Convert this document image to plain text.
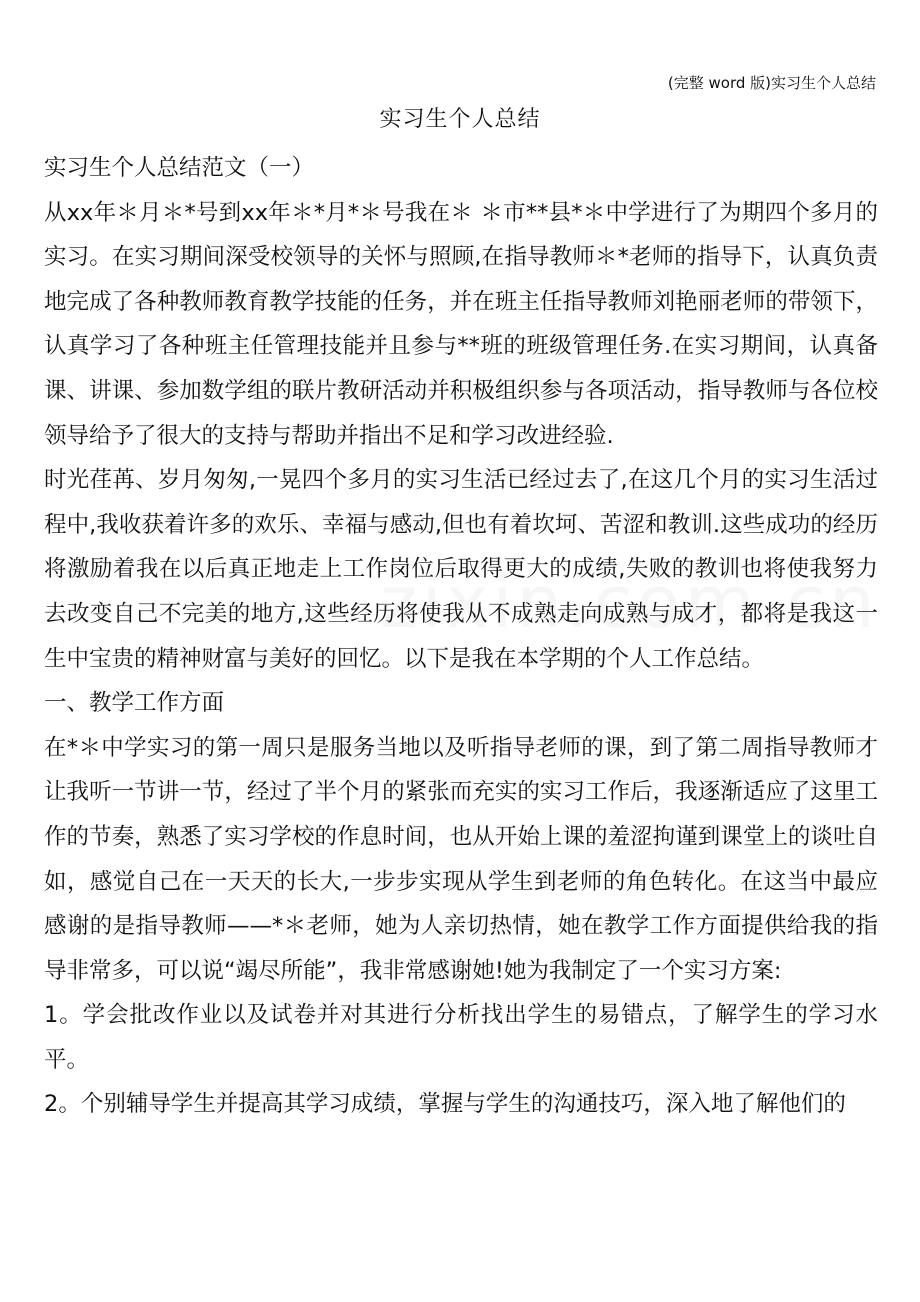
(完整 word 版)实习生个人总结
实习生个人总结

实习生个人总结范文（一）

从xx年＊月＊*号到xx年＊*月*＊号我在＊ ＊市**县*＊中学进行了为期四个多月的实习。在实习期间深受校领导的关怀与照顾,在指导教师＊*老师的指导下，认真负责地完成了各种教师教育教学技能的任务，并在班主任指导教师刘艳丽老师的带领下，认真学习了各种班主任管理技能并且参与**班的班级管理任务.在实习期间，认真备课、讲课、参加数学组的联片教研活动并积极组织参与各项活动，指导教师与各位校领导给予了很大的支持与帮助并指出不足和学习改进经验.

时光荏苒、岁月匆匆,一晃四个多月的实习生活已经过去了,在这几个月的实习生活过程中,我收获着许多的欢乐、幸福与感动,但也有着坎坷、苦涩和教训.这些成功的经历将激励着我在以后真正地走上工作岗位后取得更大的成绩,失败的教训也将使我努力去改变自己不完美的地方,这些经历将使我从不成熟走向成熟与成才，都将是我这一生中宝贵的精神财富与美好的回忆。以下是我在本学期的个人工作总结。

一、教学工作方面

在*＊中学实习的第一周只是服务当地以及听指导老师的课，到了第二周指导教师才让我听一节讲一节，经过了半个月的紧张而充实的实习工作后，我逐渐适应了这里工作的节奏，熟悉了实习学校的作息时间，也从开始上课的羞涩拘谨到课堂上的谈吐自如，感觉自己在一天天的长大,一步步实现从学生到老师的角色转化。在这当中最应感谢的是指导教师——*＊老师，她为人亲切热情，她在教学工作方面提供给我的指导非常多，可以说“竭尽所能”，我非常感谢她!她为我制定了一个实习方案:

1。学会批改作业以及试卷并对其进行分析找出学生的易错点，了解学生的学习水平。

2。个别辅导学生并提高其学习成绩，掌握与学生的沟通技巧，深入地了解他们的
